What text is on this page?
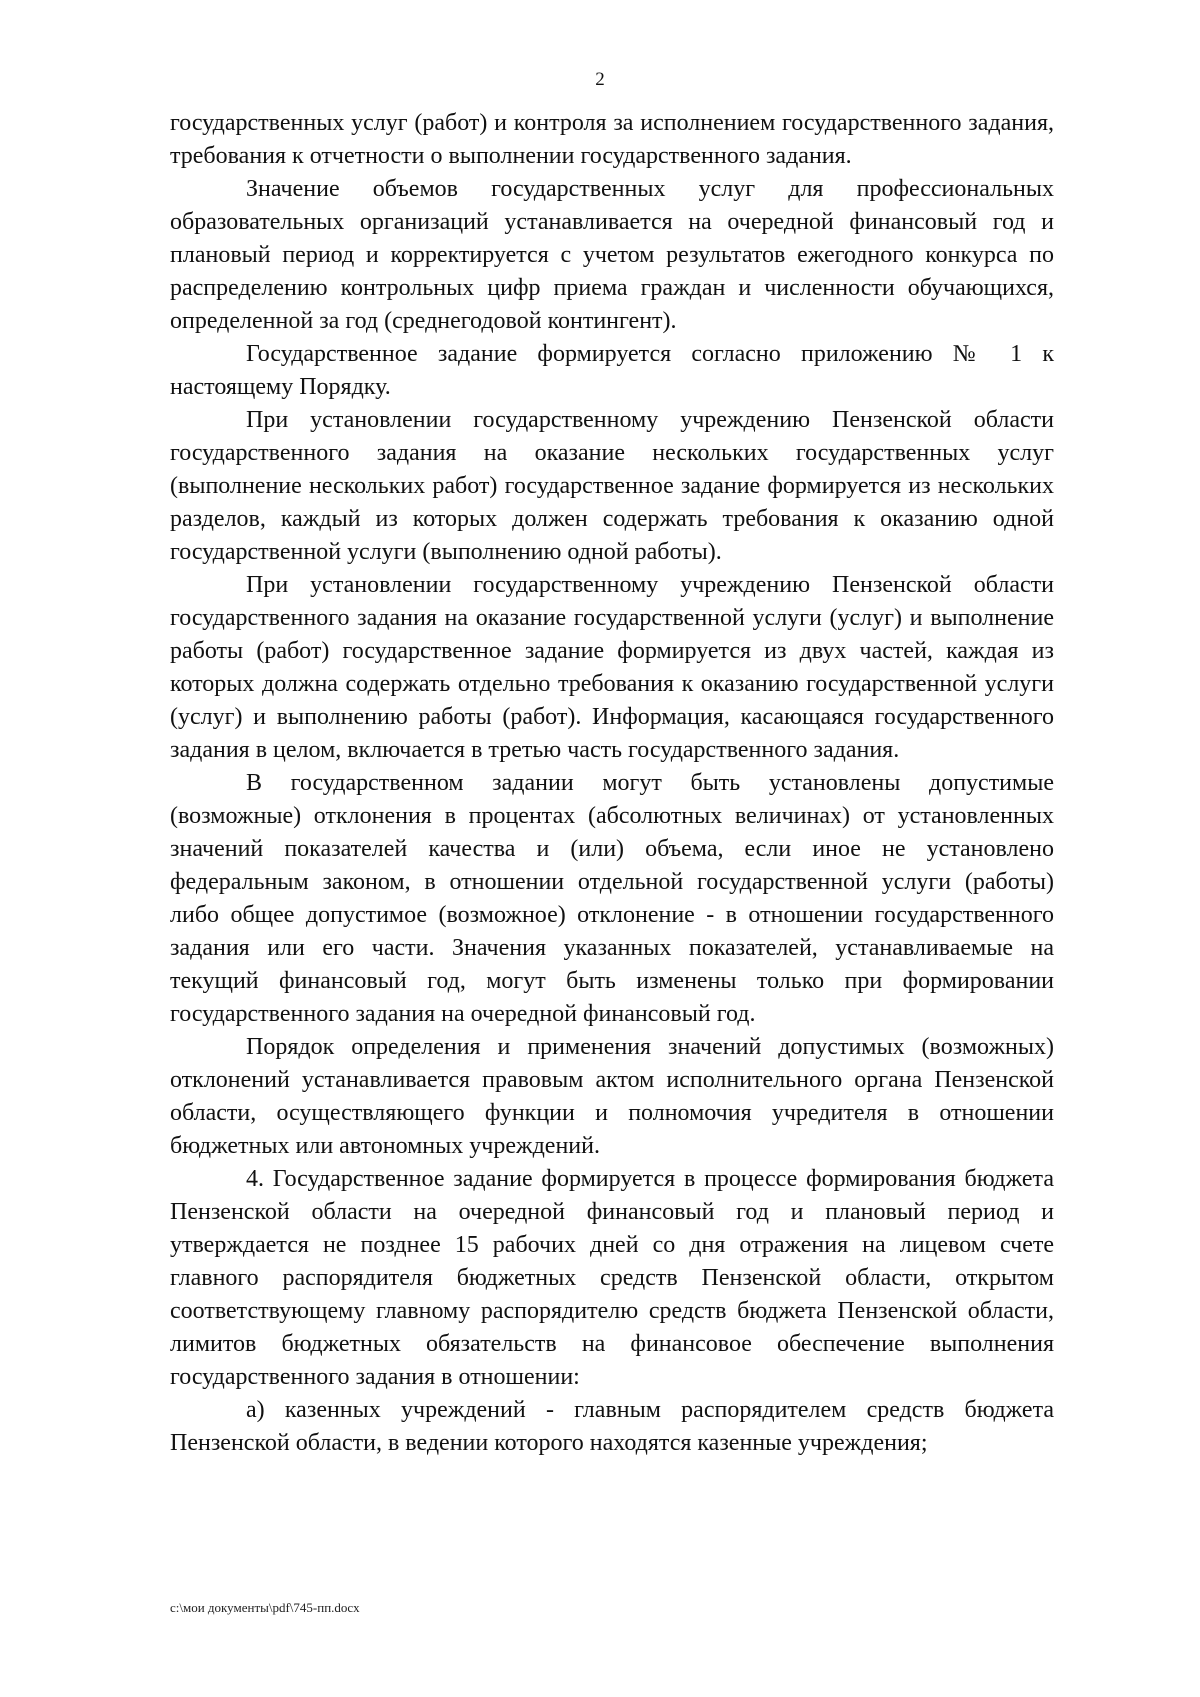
2

государственных услуг (работ) и контроля за исполнением государственного задания, требования к отчетности о выполнении государственного задания.

Значение объемов государственных услуг для профессиональных образовательных организаций устанавливается на очередной финансовый год и плановый период и корректируется с учетом результатов ежегодного конкурса по распределению контрольных цифр приема граждан и численности обучающихся, определенной за год (среднегодовой контингент).

Государственное задание формируется согласно приложению № 1 к настоящему Порядку.

При установлении государственному учреждению Пензенской области государственного задания на оказание нескольких государственных услуг (выполнение нескольких работ) государственное задание формируется из нескольких разделов, каждый из которых должен содержать требования к оказанию одной государственной услуги (выполнению одной работы).

При установлении государственному учреждению Пензенской области государственного задания на оказание государственной услуги (услуг) и выполнение работы (работ) государственное задание формируется из двух частей, каждая из которых должна содержать отдельно требования к оказанию государственной услуги (услуг) и выполнению работы (работ). Информация, касающаяся государственного задания в целом, включается в третью часть государственного задания.

В государственном задании могут быть установлены допустимые (возможные) отклонения в процентах (абсолютных величинах) от установленных значений показателей качества и (или) объема, если иное не установлено федеральным законом, в отношении отдельной государственной услуги (работы) либо общее допустимое (возможное) отклонение - в отношении государственного задания или его части. Значения указанных показателей, устанавливаемые на текущий финансовый год, могут быть изменены только при формировании государственного задания на очередной финансовый год.

Порядок определения и применения значений допустимых (возможных) отклонений устанавливается правовым актом исполнительного органа Пензенской области, осуществляющего функции и полномочия учредителя в отношении бюджетных или автономных учреждений.

4. Государственное задание формируется в процессе формирования бюджета Пензенской области на очередной финансовый год и плановый период и утверждается не позднее 15 рабочих дней со дня отражения на лицевом счете главного распорядителя бюджетных средств Пензенской области, открытом соответствующему главному распорядителю средств бюджета Пензенской области, лимитов бюджетных обязательств на финансовое обеспечение выполнения государственного задания в отношении:

а) казенных учреждений - главным распорядителем средств бюджета Пензенской области, в ведении которого находятся казенные учреждения;

c:\мои документы\pdf\745-пп.docx
